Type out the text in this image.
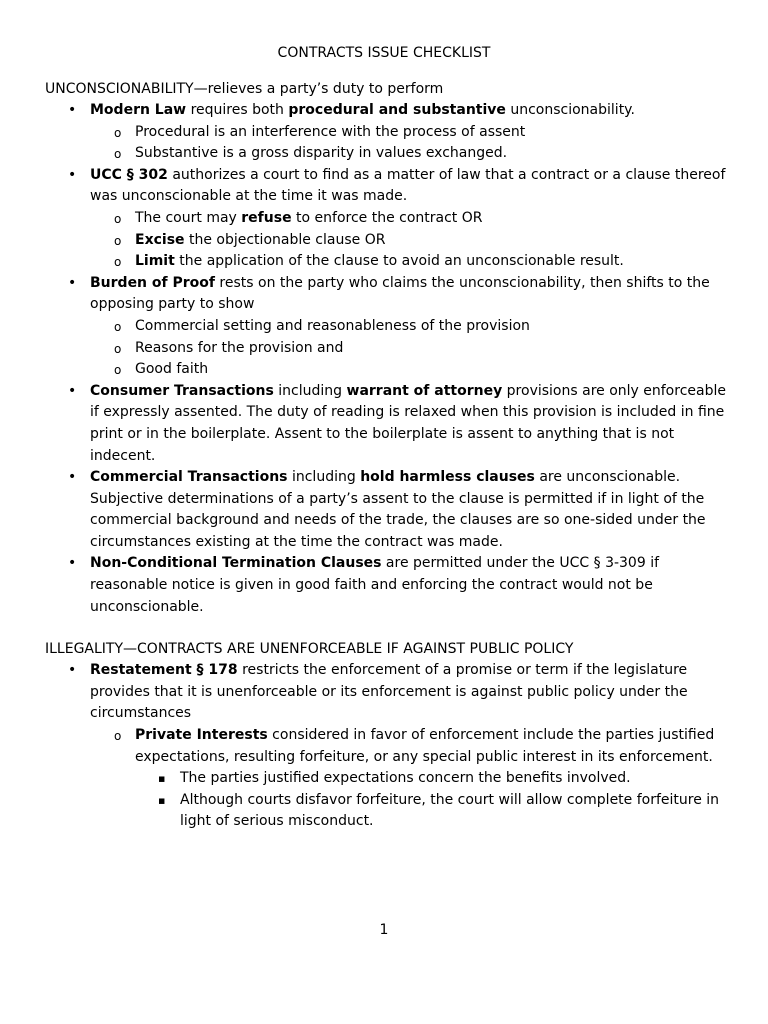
CONTRACTS ISSUE CHECKLIST
UNCONSCIONABILITY—relieves a party’s duty to perform
• Modern Law requires both procedural and substantive unconscionability.
o Procedural is an interference with the process of assent
o Substantive is a gross disparity in values exchanged.
• UCC § 302 authorizes a court to find as a matter of law that a contract or a clause thereof was unconscionable at the time it was made.
o The court may refuse to enforce the contract OR
o Excise the objectionable clause OR
o Limit the application of the clause to avoid an unconscionable result.
• Burden of Proof rests on the party who claims the unconscionability, then shifts to the opposing party to show
o Commercial setting and reasonableness of the provision
o Reasons for the provision and
o Good faith
• Consumer Transactions including warrant of attorney provisions are only enforceable if expressly assented. The duty of reading is relaxed when this provision is included in fine print or in the boilerplate. Assent to the boilerplate is assent to anything that is not indecent.
• Commercial Transactions including hold harmless clauses are unconscionable. Subjective determinations of a party’s assent to the clause is permitted if in light of the commercial background and needs of the trade, the clauses are so one-sided under the circumstances existing at the time the contract was made.
• Non-Conditional Termination Clauses are permitted under the UCC § 3-309 if reasonable notice is given in good faith and enforcing the contract would not be unconscionable.
ILLEGALITY—CONTRACTS ARE UNENFORCEABLE IF AGAINST PUBLIC POLICY
• Restatement § 178 restricts the enforcement of a promise or term if the legislature provides that it is unenforceable or its enforcement is against public policy under the circumstances
o Private Interests considered in favor of enforcement include the parties justified expectations, resulting forfeiture, or any special public interest in its enforcement.
▪ The parties justified expectations concern the benefits involved.
▪ Although courts disfavor forfeiture, the court will allow complete forfeiture in light of serious misconduct.
1
